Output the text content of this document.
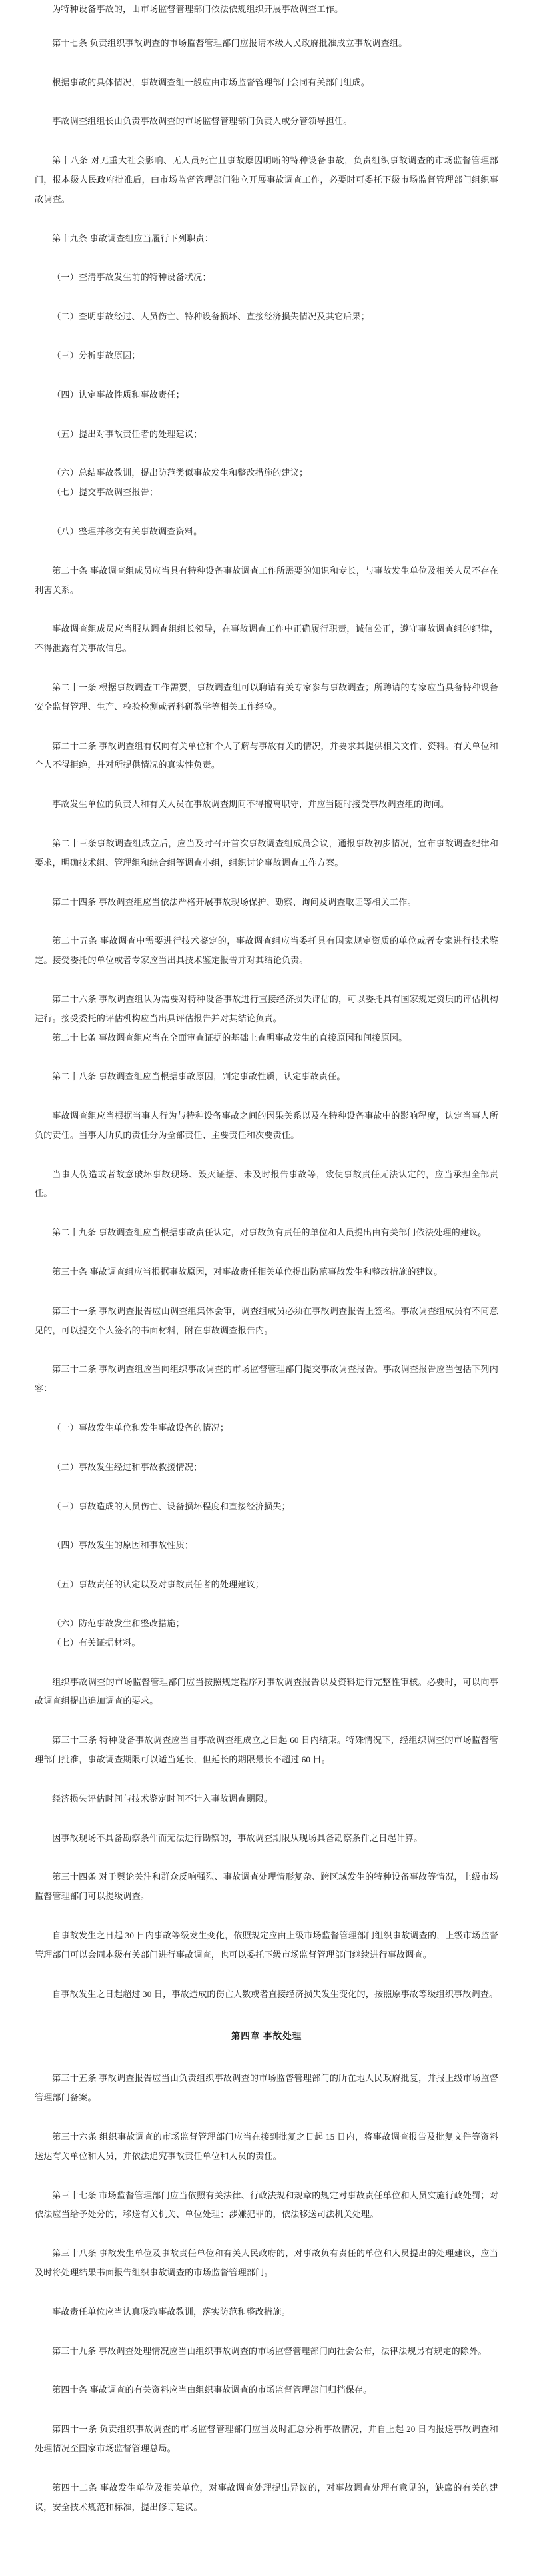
为特种设备事故的，由市场监督管理部门依法依规组织开展事故调查工作。

第十七条 负责组织事故调查的市场监督管理部门应报请本级人民政府批准成立事故调查组。

根据事故的具体情况，事故调查组一般应由市场监督管理部门会同有关部门组成。

事故调查组组长由负责事故调查的市场监督管理部门负责人或分管领导担任。

第十八条 对无重大社会影响、无人员死亡且事故原因明晰的特种设备事故，负责组织事故调查的市场监督管理部门，报本级人民政府批准后，由市场监督管理部门独立开展事故调查工作，必要时可委托下级市场监督管理部门组织事故调查。

第十九条 事故调查组应当履行下列职责：

（一）查清事故发生前的特种设备状况；

（二）查明事故经过、人员伤亡、特种设备损坏、直接经济损失情况及其它后果；

（三）分析事故原因；

（四）认定事故性质和事故责任；

（五）提出对事故责任者的处理建议；

（六）总结事故教训，提出防范类似事故发生和整改措施的建议；

（七）提交事故调查报告；

（八）整理并移交有关事故调查资料。

第二十条 事故调查组成员应当具有特种设备事故调查工作所需要的知识和专长，与事故发生单位及相关人员不存在利害关系。

事故调查组成员应当服从调查组组长领导，在事故调查工作中正确履行职责，诚信公正，遵守事故调查组的纪律，不得泄露有关事故信息。

第二十一条 根据事故调查工作需要，事故调查组可以聘请有关专家参与事故调查；所聘请的专家应当具备特种设备安全监督管理、生产、检验检测或者科研教学等相关工作经验。

第二十二条 事故调查组有权向有关单位和个人了解与事故有关的情况，并要求其提供相关文件、资料。有关单位和个人不得拒绝，并对所提供情况的真实性负责。

事故发生单位的负责人和有关人员在事故调查期间不得擅离职守，并应当随时接受事故调查组的询问。

第二十三条事故调查组成立后，应当及时召开首次事故调查组成员会议，通报事故初步情况，宣布事故调查纪律和要求，明确技术组、管理组和综合组等调查小组，组织讨论事故调查工作方案。

第二十四条 事故调查组应当依法严格开展事故现场保护、勘察、询问及调查取证等相关工作。

第二十五条 事故调查中需要进行技术鉴定的，事故调查组应当委托具有国家规定资质的单位或者专家进行技术鉴定。接受委托的单位或者专家应当出具技术鉴定报告并对其结论负责。

第二十六条 事故调查组认为需要对特种设备事故进行直接经济损失评估的，可以委托具有国家规定资质的评估机构进行。接受委托的评估机构应当出具评估报告并对其结论负责。

第二十七条 事故调查组应当在全面审查证据的基础上查明事故发生的直接原因和间接原因。

第二十八条 事故调查组应当根据事故原因，判定事故性质，认定事故责任。

事故调查组应当根据当事人行为与特种设备事故之间的因果关系以及在特种设备事故中的影响程度，认定当事人所负的责任。当事人所负的责任分为全部责任、主要责任和次要责任。

当事人伪造或者故意破坏事故现场、毁灭证据、未及时报告事故等，致使事故责任无法认定的，应当承担全部责任。

第二十九条 事故调查组应当根据事故责任认定，对事故负有责任的单位和人员提出由有关部门依法处理的建议。

第三十条 事故调查组应当根据事故原因，对事故责任相关单位提出防范事故发生和整改措施的建议。

第三十一条 事故调查报告应由调查组集体会审，调查组成员必须在事故调查报告上签名。事故调查组成员有不同意见的，可以提交个人签名的书面材料，附在事故调查报告内。

第三十二条 事故调查组应当向组织事故调查的市场监督管理部门提交事故调查报告。事故调查报告应当包括下列内容：

（一）事故发生单位和发生事故设备的情况；

（二）事故发生经过和事故救援情况；

（三）事故造成的人员伤亡、设备损坏程度和直接经济损失；

（四）事故发生的原因和事故性质；

（五）事故责任的认定以及对事故责任者的处理建议；

（六）防范事故发生和整改措施；

（七）有关证据材料。

组织事故调查的市场监督管理部门应当按照规定程序对事故调查报告以及资料进行完整性审核。必要时，可以向事故调查组提出追加调查的要求。

第三十三条 特种设备事故调查应当自事故调查组成立之日起 60 日内结束。特殊情况下，经组织调查的市场监督管理部门批准，事故调查期限可以适当延长，但延长的期限最长不超过 60 日。

经济损失评估时间与技术鉴定时间不计入事故调查期限。

因事故现场不具备勘察条件而无法进行勘察的，事故调查期限从现场具备勘察条件之日起计算。

第三十四条 对于舆论关注和群众反响强烈、事故调查处理情形复杂、跨区域发生的特种设备事故等情况，上级市场监督管理部门可以提级调查。

自事故发生之日起 30 日内事故等级发生变化，依照规定应由上级市场监督管理部门组织事故调查的，上级市场监督管理部门可以会同本级有关部门进行事故调查，也可以委托下级市场监督管理部门继续进行事故调查。

自事故发生之日起超过 30 日，事故造成的伤亡人数或者直接经济损失发生变化的，按照原事故等级组织事故调查。

第四章 事故处理

第三十五条 事故调查报告应当由负责组织事故调查的市场监督管理部门的所在地人民政府批复，并报上级市场监督管理部门备案。

第三十六条 组织事故调查的市场监督管理部门应当在接到批复之日起 15 日内，将事故调查报告及批复文件等资料送达有关单位和人员，并依法追究事故责任单位和人员的责任。

第三十七条 市场监督管理部门应当依照有关法律、行政法规和规章的规定对事故责任单位和人员实施行政处罚；对依法应当给予处分的，移送有关机关、单位处理；涉嫌犯罪的，依法移送司法机关处理。

第三十八条 事故发生单位及事故责任单位和有关人民政府的，对事故负有责任的单位和人员提出的处理建议，应当及时将处理结果书面报告组织事故调查的市场监督管理部门。

事故责任单位应当认真吸取事故教训，落实防范和整改措施。

第三十九条 事故调查处理情况应当由组织事故调查的市场监督管理部门向社会公布，法律法规另有规定的除外。

第四十条 事故调查的有关资料应当由组织事故调查的市场监督管理部门归档保存。

第四十一条 负责组织事故调查的市场监督管理部门应当及时汇总分析事故情况，并自上起 20 日内报送事故调查和处理情况至国家市场监督管理总局。

第四十二条 事故发生单位及相关单位，对事故调查处理提出异议的，对事故调查处理有意见的，缺席的有关的建议，安全技术规范和标准，提出修订建议。
